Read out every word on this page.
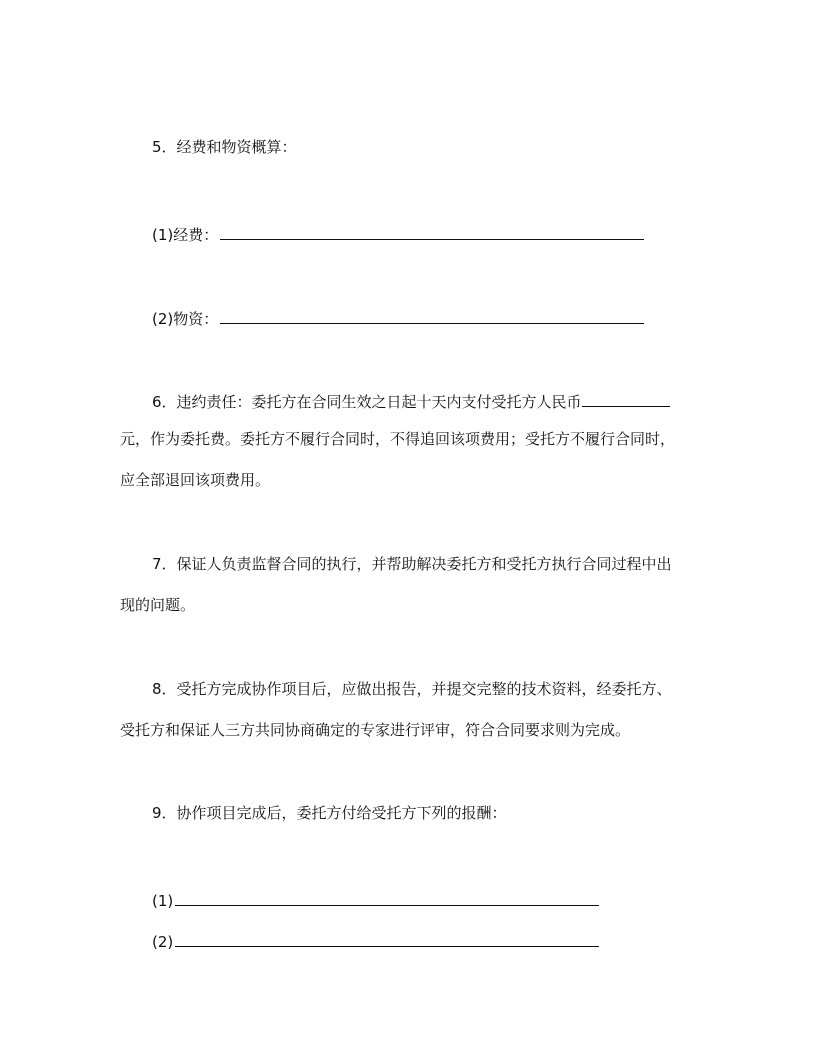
5．经费和物资概算：
(1)经费：
(2)物资：
6．违约责任：委托方在合同生效之日起十天内支付受托方人民币
元，作为委托费。委托方不履行合同时，不得追回该项费用；受托方不履行合同时，
应全部退回该项费用。
7．保证人负责监督合同的执行，并帮助解决委托方和受托方执行合同过程中出
现的问题。
8．受托方完成协作项目后，应做出报告，并提交完整的技术资料，经委托方、
受托方和保证人三方共同协商确定的专家进行评审，符合合同要求则为完成。
9．协作项目完成后，委托方付给受托方下列的报酬：
(1)
(2)
